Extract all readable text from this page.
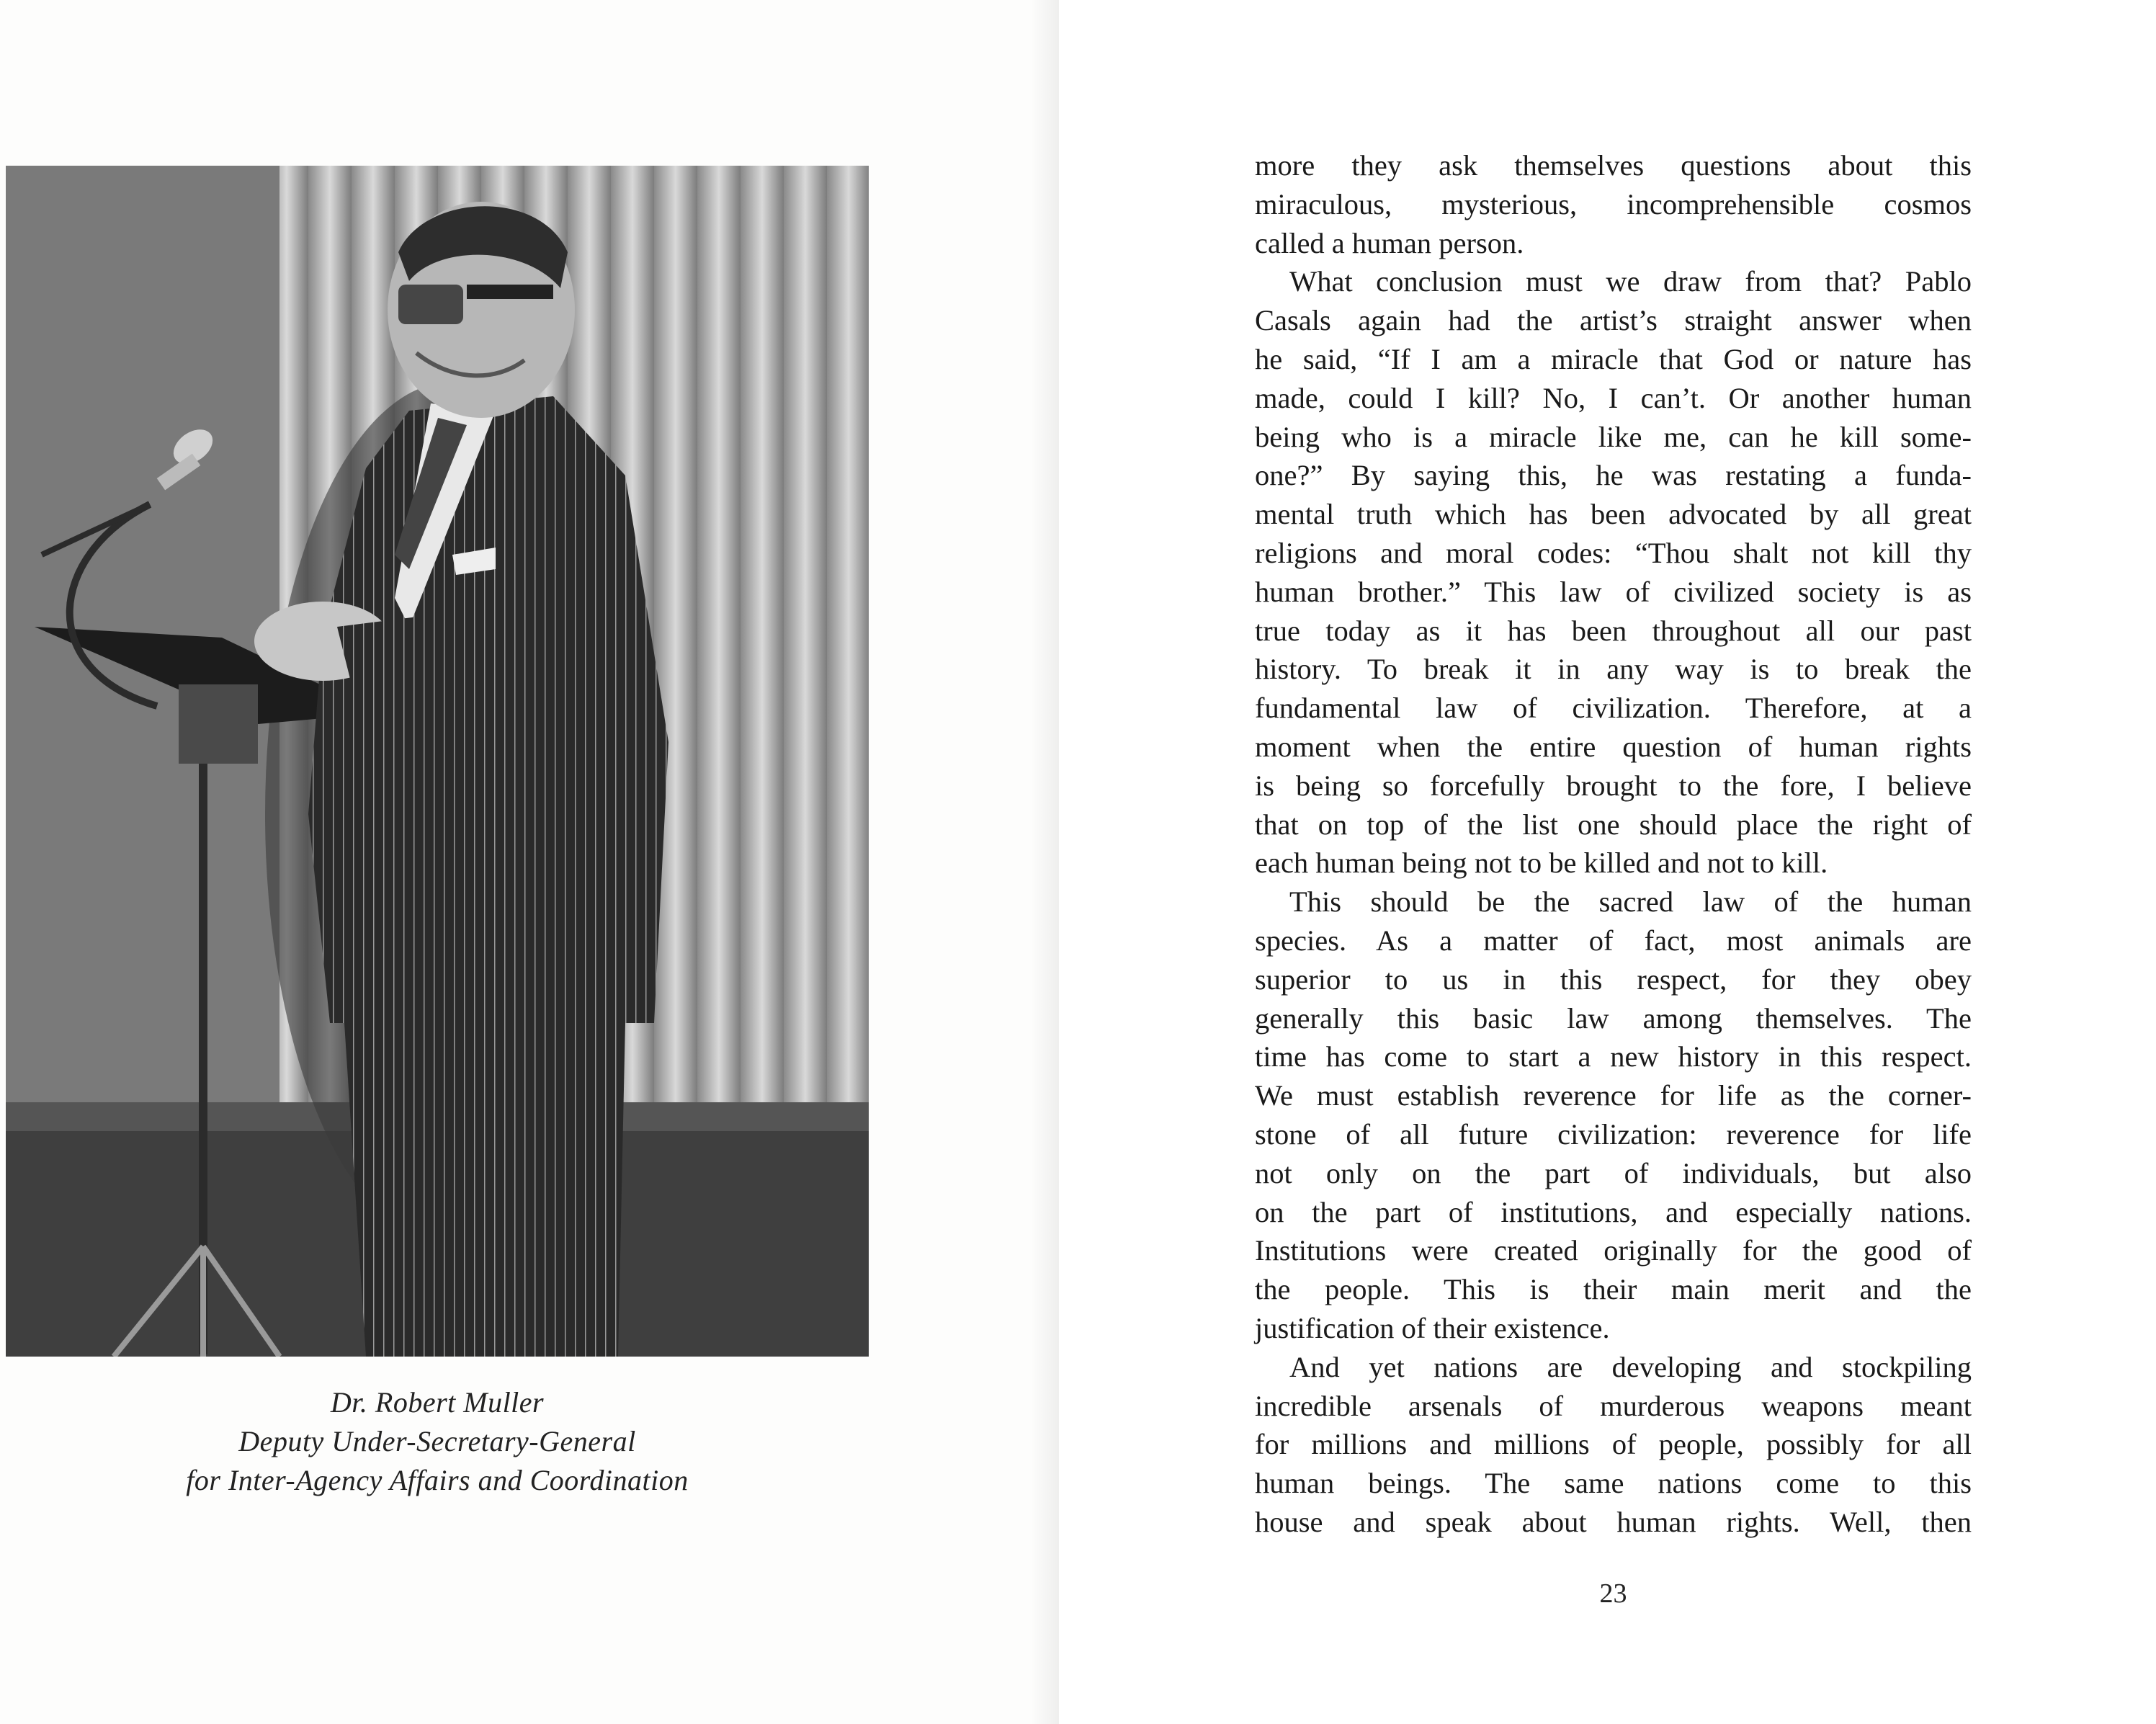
Dr. Robert Muller
Deputy Under-Secretary-General
for Inter-Agency Affairs and Coordination
more they ask themselves questions about this
miraculous, mysterious, incomprehensible cosmos
called a human person.
What conclusion must we draw from that? Pablo
Casals again had the artist’s straight answer when
he said, “If I am a miracle that God or nature has
made, could I kill? No, I can’t. Or another human
being who is a miracle like me, can he kill some-
one?” By saying this, he was restating a funda-
mental truth which has been advocated by all great
religions and moral codes: “Thou shalt not kill thy
human brother.” This law of civilized society is as
true today as it has been throughout all our past
history. To break it in any way is to break the
fundamental law of civilization. Therefore, at a
moment when the entire question of human rights
is being so forcefully brought to the fore, I believe
that on top of the list one should place the right of
each human being not to be killed and not to kill.
This should be the sacred law of the human
species. As a matter of fact, most animals are
superior to us in this respect, for they obey
generally this basic law among themselves. The
time has come to start a new history in this respect.
We must establish reverence for life as the corner-
stone of all future civilization: reverence for life
not only on the part of individuals, but also
on the part of institutions, and especially nations.
Institutions were created originally for the good of
the people. This is their main merit and the
justification of their existence.
And yet nations are developing and stockpiling
incredible arsenals of murderous weapons meant
for millions and millions of people, possibly for all
human beings. The same nations come to this
house and speak about human rights. Well, then
23
